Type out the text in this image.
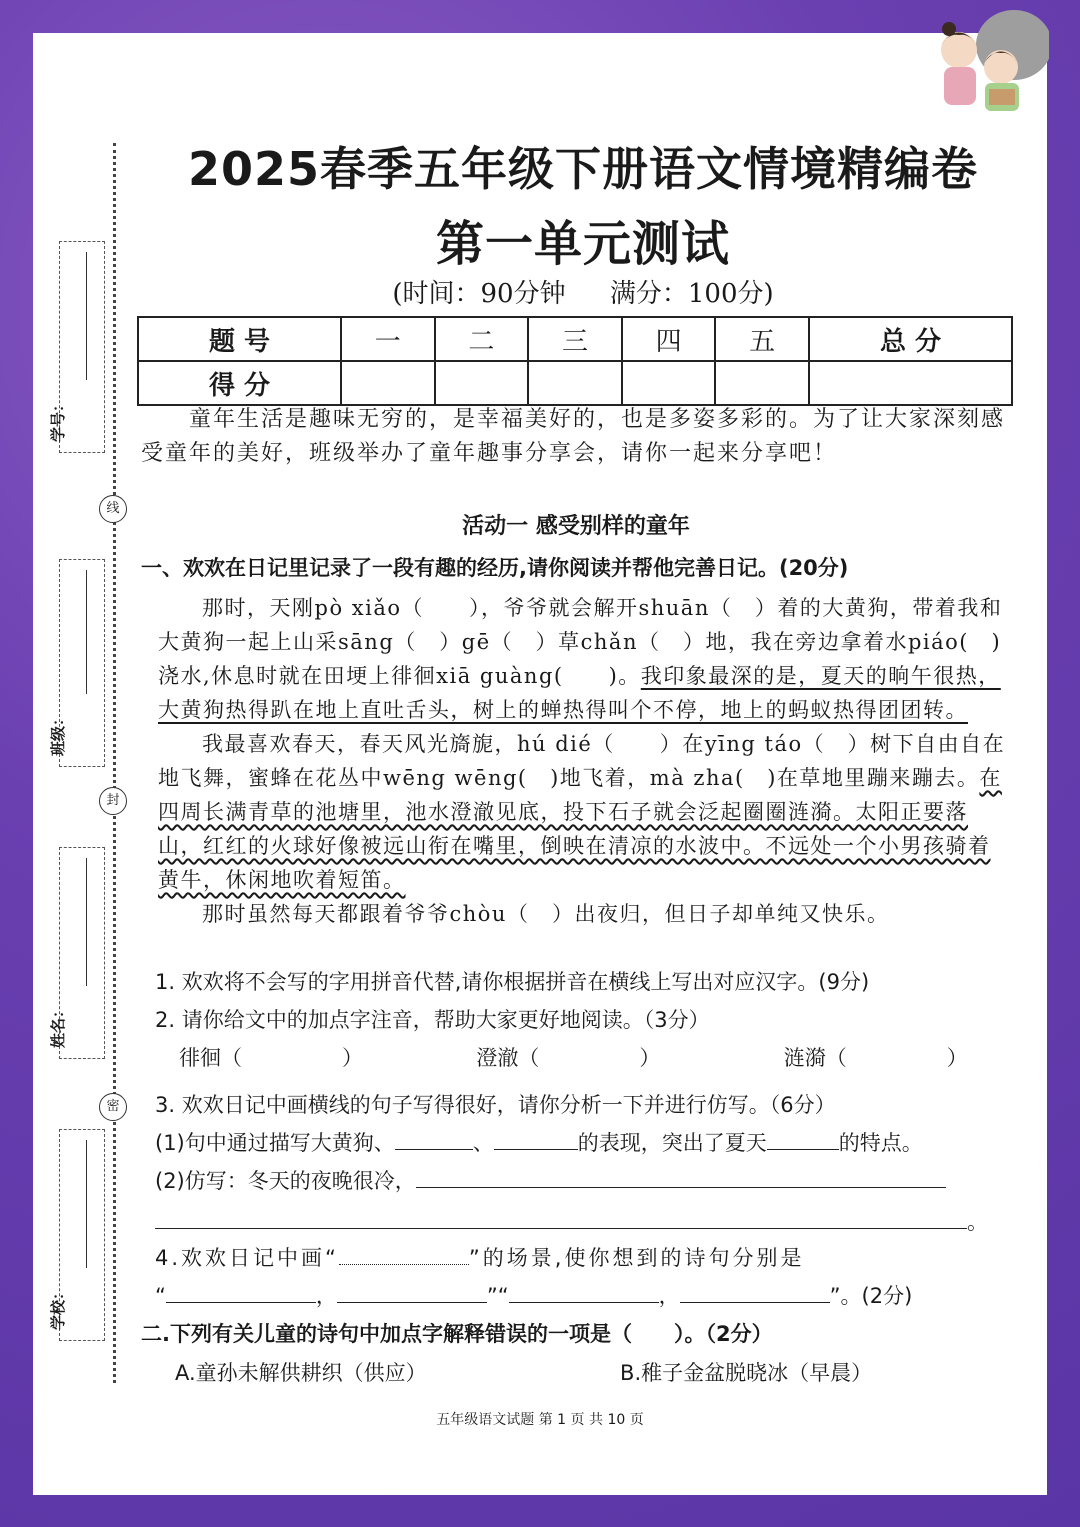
学号：
班级：
姓名：
学校：
线
封
密
2025春季五年级下册语文情境精编卷
第一单元测试
(时间：90分钟 满分：100分)
题 号	一	二	三	四	五	总 分
得 分						
童年生活是趣味无穷的，是幸福美好的，也是多姿多彩的。为了让大家深刻感受童年的美好，班级举办了童年趣事分享会，请你一起来分享吧！
活动一 感受别样的童年
一、欢欢在日记里记录了一段有趣的经历,请你阅读并帮他完善日记。(20分)
那时，天刚pò xiǎo（　　），爷爷就会解开shuān（　）着的大黄狗，带着我和大黄狗一起上山采sāng（　）gē（　）草chǎn（　）地，我在旁边拿着水piáo(　)浇水,休息时就在田埂上徘徊xiā guàng(　　)。我印象最深的是，夏天的晌午很热，大黄狗热得趴在地上直吐舌头，树上的蝉热得叫个不停，地上的蚂蚁热得团团转。
我最喜欢春天，春天风光旖旎，hú dié（　　）在yīng táo（　）树下自由自在地飞舞，蜜蜂在花丛中wēng wēng(　)地飞着，mà zha(　)在草地里蹦来蹦去。在四周长满青草的池塘里，池水澄澈见底，投下石子就会泛起圈圈涟漪。太阳正要落山，红红的火球好像被远山衔在嘴里，倒映在清凉的水波中。不远处一个小男孩骑着黄牛，休闲地吹着短笛。
那时虽然每天都跟着爷爷chòu（　）出夜归，但日子却单纯又快乐。
1. 欢欢将不会写的字用拼音代替,请你根据拼音在横线上写出对应汉字。(9分)
2. 请你给文中的加点字注音，帮助大家更好地阅读。（3分）
徘徊（	）	澄澈（	）	涟漪（	）
3. 欢欢日记中画横线的句子写得很好，请你分析一下并进行仿写。（6分）
(1)句中通过描写大黄狗、	、	的表现，突出了夏天	的特点。
(2)仿写：冬天的夜晚很冷，
。
4.欢欢日记中画“	”的场景,使你想到的诗句分别是
“	，	”“	，	”。(2分)
二.下列有关儿童的诗句中加点字解释错误的一项是（　　）。（2分）
A.童孙未解供耕织（供应）	B.稚子金盆脱晓冰（早晨）
五年级语文试题 第 1 页 共 10 页
